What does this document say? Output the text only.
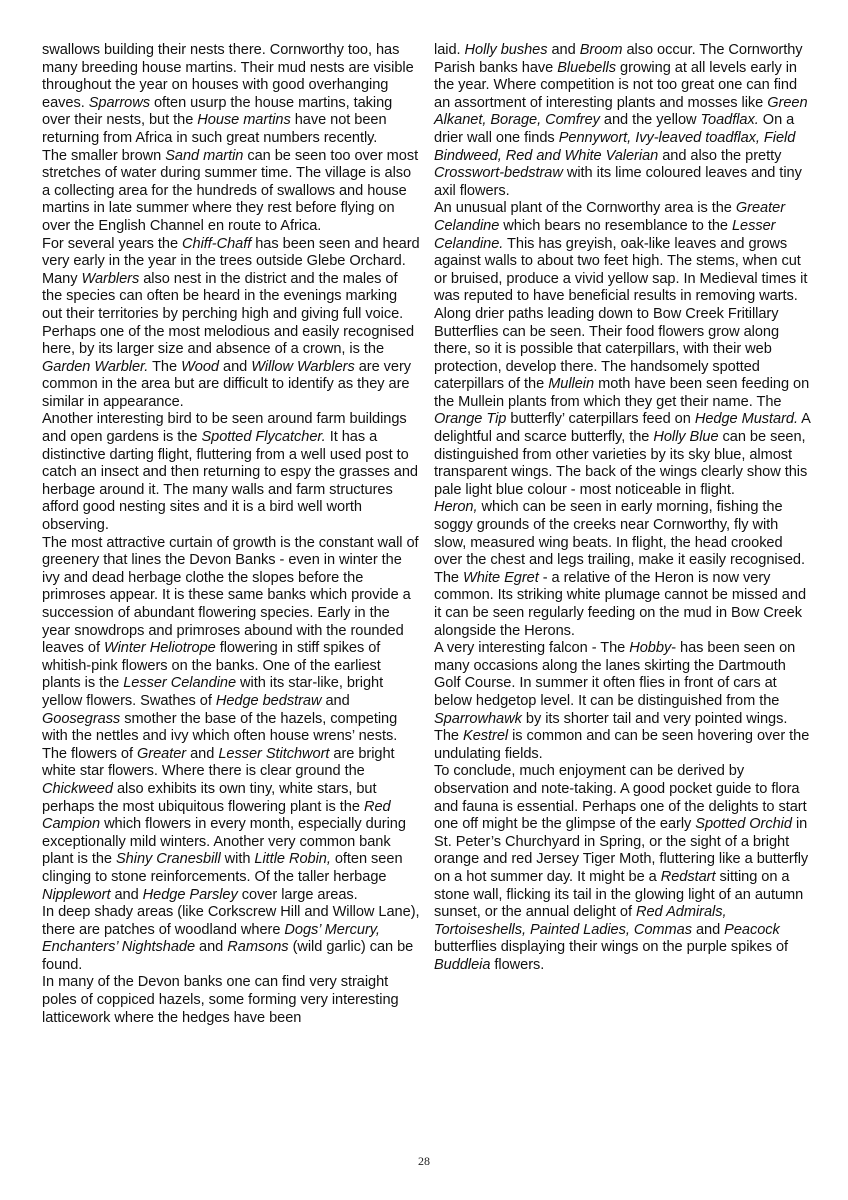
swallows building their nests there. Cornworthy too, has many breeding house martins. Their mud nests are visible throughout the year on houses with good overhanging eaves. Sparrows often usurp the house martins, taking over their nests, but the House martins have not been returning from Africa in such great numbers recently.

The smaller brown Sand martin can be seen too over most stretches of water during summer time. The village is also a collecting area for the hundreds of swallows and house martins in late summer where they rest before flying on over the English Channel en route to Africa.

For several years the Chiff-Chaff has been seen and heard very early in the year in the trees outside Glebe Orchard. Many Warblers also nest in the district and the males of the species can often be heard in the evenings marking out their territories by perching high and giving full voice. Perhaps one of the most melodious and easily recognised here, by its larger size and absence of a crown, is the Garden Warbler. The Wood and Willow Warblers are very common in the area but are difficult to identify as they are similar in appearance.

Another interesting bird to be seen around farm buildings and open gardens is the Spotted Flycatcher. It has a distinctive darting flight, fluttering from a well used post to catch an insect and then returning to espy the grasses and herbage around it. The many walls and farm structures afford good nesting sites and it is a bird well worth observing.

The most attractive curtain of growth is the constant wall of greenery that lines the Devon Banks - even in winter the ivy and dead herbage clothe the slopes before the primroses appear. It is these same banks which provide a succession of abundant flowering species. Early in the year snowdrops and primroses abound with the rounded leaves of Winter Heliotrope flowering in stiff spikes of whitish-pink flowers on the banks. One of the earliest plants is the Lesser Celandine with its star-like, bright yellow flowers. Swathes of Hedge bedstraw and Goosegrass smother the base of the hazels, competing with the nettles and ivy which often house wrens’ nests.

The flowers of Greater and Lesser Stitchwort are bright white star flowers. Where there is clear ground the Chickweed also exhibits its own tiny, white stars, but perhaps the most ubiquitous flowering plant is the Red Campion which flowers in every month, especially during exceptionally mild winters. Another very common bank plant is the Shiny Cranesbill with Little Robin, often seen clinging to stone reinforcements. Of the taller herbage Nipplewort and Hedge Parsley cover large areas.

In deep shady areas (like Corkscrew Hill and Willow Lane), there are patches of woodland where Dogs’ Mercury, Enchanters’ Nightshade and Ramsons (wild garlic) can be found.

In many of the Devon banks one can find very straight poles of coppiced hazels, some forming very interesting latticework where the hedges have been

laid. Holly bushes and Broom also occur. The Cornworthy Parish banks have Bluebells growing at all levels early in the year. Where competition is not too great one can find an assortment of interesting plants and mosses like Green Alkanet, Borage, Comfrey and the yellow Toadflax. On a drier wall one finds Pennywort, Ivy-leaved toadflax, Field Bindweed, Red and White Valerian and also the pretty Crosswort-bedstraw with its lime coloured leaves and tiny axil flowers.

An unusual plant of the Cornworthy area is the Greater Celandine which bears no resemblance to the Lesser Celandine. This has greyish, oak-like leaves and grows against walls to about two feet high. The stems, when cut or bruised, produce a vivid yellow sap. In Medieval times it was reputed to have beneficial results in removing warts.

Along drier paths leading down to Bow Creek Fritillary Butterflies can be seen. Their food flowers grow along there, so it is possible that caterpillars, with their web protection, develop there. The handsomely spotted caterpillars of the Mullein moth have been seen feeding on the Mullein plants from which they get their name. The Orange Tip butterfly’ caterpillars feed on Hedge Mustard. A delightful and scarce butterfly, the Holly Blue can be seen, distinguished from other varieties by its sky blue, almost transparent wings. The back of the wings clearly show this pale light blue colour - most noticeable in flight.

Heron, which can be seen in early morning, fishing the soggy grounds of the creeks near Cornworthy, fly with slow, measured wing beats. In flight, the head crooked over the chest and legs trailing, make it easily recognised. The White Egret - a relative of the Heron is now very common. Its striking white plumage cannot be missed and it can be seen regularly feeding on the mud in Bow Creek alongside the Herons.

A very interesting falcon - The Hobby- has been seen on many occasions along the lanes skirting the Dartmouth Golf Course. In summer it often flies in front of cars at below hedgetop level. It can be distinguished from the Sparrowhawk by its shorter tail and very pointed wings. The Kestrel is common and can be seen hovering over the undulating fields.

To conclude, much enjoyment can be derived by observation and note-taking. A good pocket guide to flora and fauna is essential. Perhaps one of the delights to start one off might be the glimpse of the early Spotted Orchid in St. Peter’s Churchyard in Spring, or the sight of a bright orange and red Jersey Tiger Moth, fluttering like a butterfly on a hot summer day. It might be a Redstart sitting on a stone wall, flicking its tail in the glowing light of an autumn sunset, or the annual delight of Red Admirals, Tortoiseshells, Painted Ladies, Commas and Peacock butterflies displaying their wings on the purple spikes of Buddleia flowers.

28
